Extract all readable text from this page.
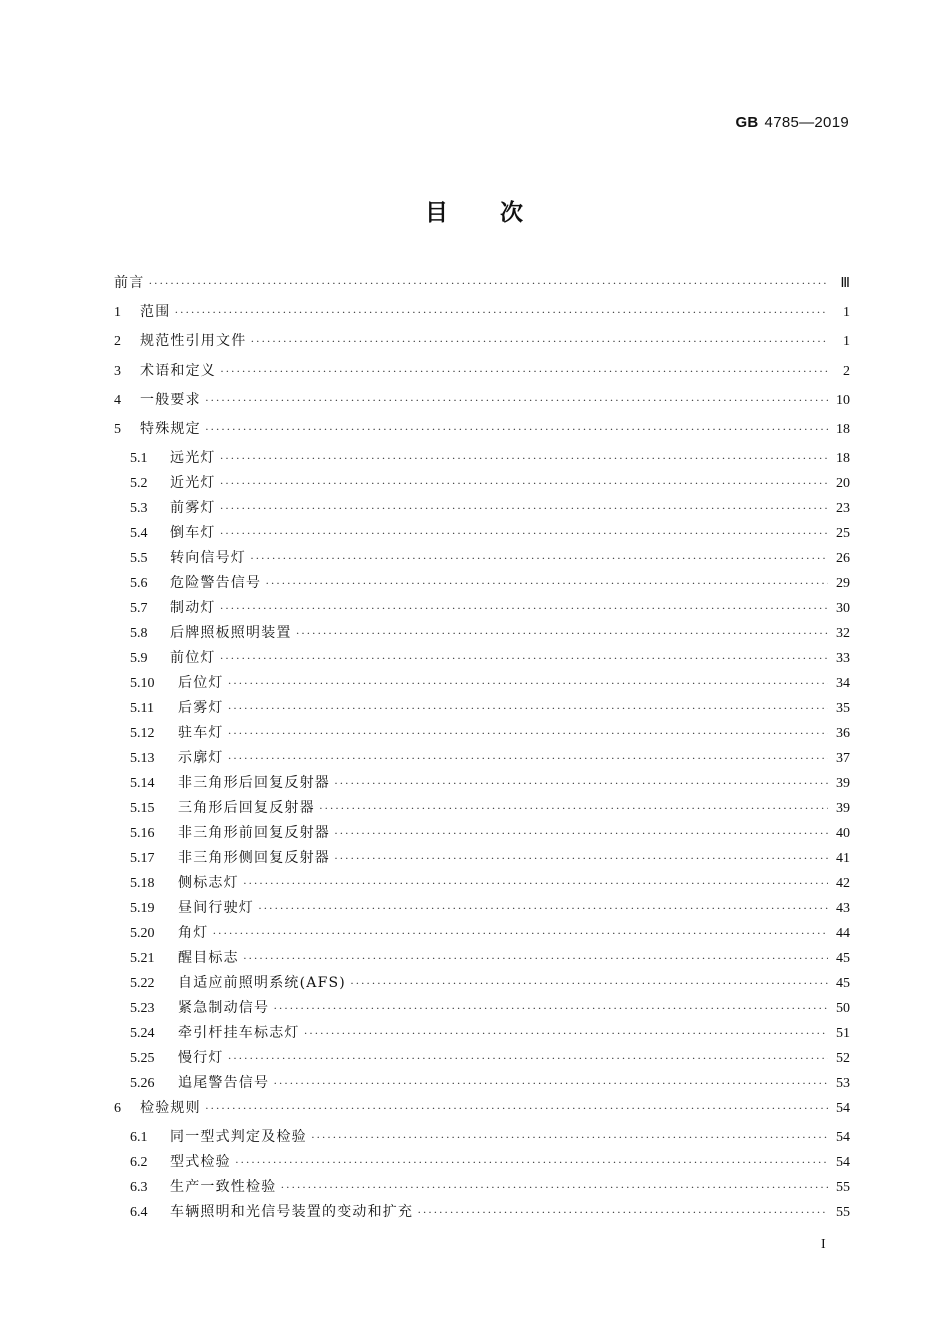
GB 4785—2019
目 次
前言 ·····	Ⅲ
1	范围 ·····	1
2	规范性引用文件 ·····	1
3	术语和定义 ·····	2
4	一般要求 ·····	10
5	特殊规定 ·····	18
5.1	远光灯 ·····	18
5.2	近光灯 ·····	20
5.3	前雾灯 ·····	23
5.4	倒车灯 ·····	25
5.5	转向信号灯 ·····	26
5.6	危险警告信号 ·····	29
5.7	制动灯 ·····	30
5.8	后牌照板照明装置 ·····	32
5.9	前位灯 ·····	33
5.10	后位灯 ·····	34
5.11	后雾灯 ·····	35
5.12	驻车灯 ·····	36
5.13	示廓灯 ·····	37
5.14	非三角形后回复反射器 ·····	39
5.15	三角形后回复反射器 ·····	39
5.16	非三角形前回复反射器 ·····	40
5.17	非三角形侧回复反射器 ·····	41
5.18	侧标志灯 ·····	42
5.19	昼间行驶灯 ·····	43
5.20	角灯 ·····	44
5.21	醒目标志 ·····	45
5.22	自适应前照明系统(AFS) ·····	45
5.23	紧急制动信号 ·····	50
5.24	牵引杆挂车标志灯 ·····	51
5.25	慢行灯 ·····	52
5.26	追尾警告信号 ·····	53
6	检验规则 ·····	54
6.1	同一型式判定及检验 ·····	54
6.2	型式检验 ·····	54
6.3	生产一致性检验 ·····	55
6.4	车辆照明和光信号装置的变动和扩充 ·····	55
I
